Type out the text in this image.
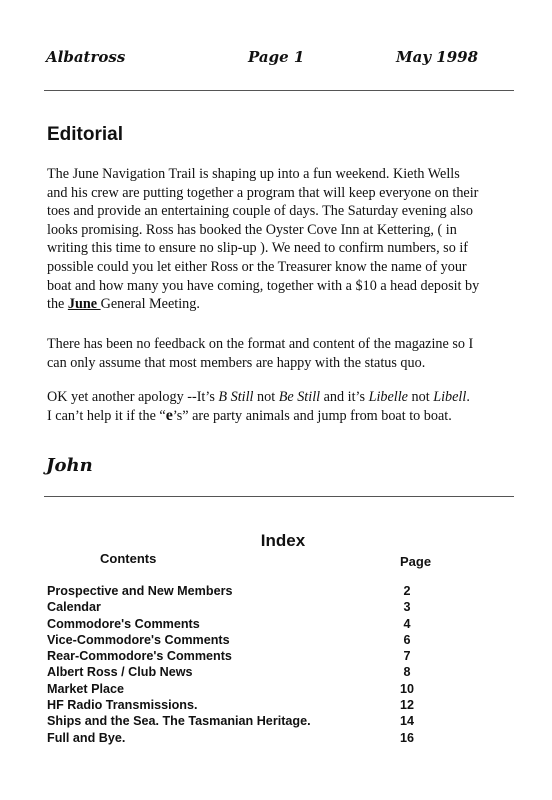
Albatross	Page 1	May 1998
Editorial
The June Navigation Trail is shaping up into a fun weekend. Kieth Wells
and his crew are putting together a program that will keep everyone on their
toes and provide an entertaining couple of days. The Saturday evening also
looks promising. Ross has booked the Oyster Cove Inn at Kettering, ( in
writing this time to ensure no slip-up ). We need to confirm numbers, so if
possible could you let either Ross or the Treasurer know the name of your
boat and how many you have coming, together with a $10 a head deposit by
the June General Meeting.
There has been no feedback on the format and content of the magazine so I
can only assume that most members are happy with the status quo.
OK yet another apology --It’s B Still not Be Still and it’s Libelle not Libell.
I can’t help it if the “e’s” are party animals and jump from boat to boat.
John
Index
Contents	Page
Prospective and New Members	2
Calendar	3
Commodore's Comments	4
Vice-Commodore's Comments	6
Rear-Commodore's Comments	7
Albert Ross / Club News	8
Market Place	10
HF Radio Transmissions.	12
Ships and the Sea. The Tasmanian Heritage.	14
Full and Bye.	16
